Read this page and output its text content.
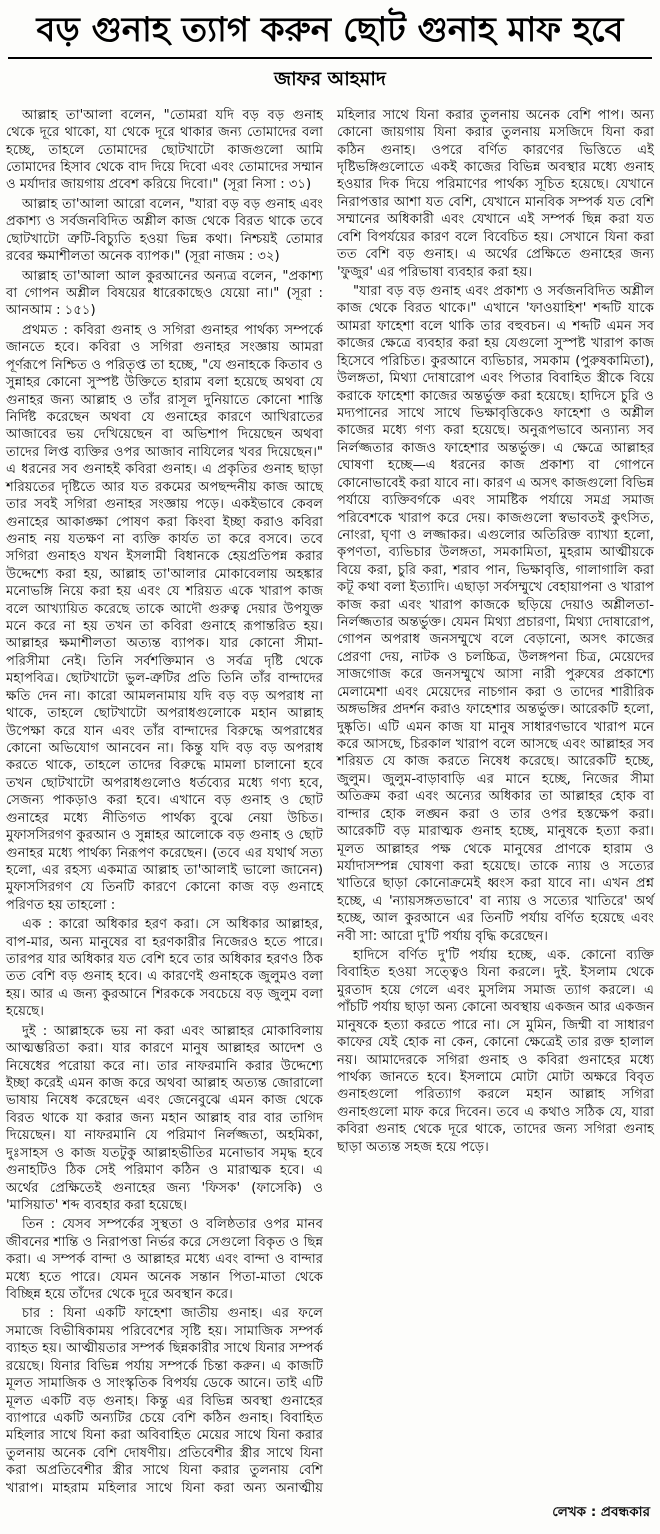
বড় গুনাহ ত্যাগ করুন ছোট গুনাহ মাফ হবে
জাফর আহমাদ

আল্লাহ তা'আলা বলেন, "তোমরা যদি বড় বড় গুনাহ থেকে দূরে থাকো, যা থেকে দূরে থাকার জন্য তোমাদের বলা হচ্ছে, তাহলে তোমাদের ছোটখাটো কাজগুলো আমি তোমাদের হিসাব থেকে বাদ দিয়ে দিবো এবং তোমাদের সম্মান ও মর্যাদার জায়গায় প্রবেশ করিয়ে দিবো।" (সূরা নিসা : ৩১)

আল্লাহ তা'আলা আরো বলেন, "যারা বড় বড় গুনাহ এবং প্রকাশ্য ও সর্বজনবিদিত অশ্লীল কাজ থেকে বিরত থাকে তবে ছোটখাটো ত্রুটি-বিচ্যুতি হওয়া ভিন্ন কথা। নিশ্চয়ই তোমার রবের ক্ষমাশীলতা অনেক ব্যাপক।" (সূরা নাজম : ৩২)

আল্লাহ তা'আলা আল কুরআনের অন্যত্র বলেন, "প্রকাশ্য বা গোপন অশ্লীল বিষয়ের ধারেকাছেও যেয়ো না।" (সূরা : আনআম : ১৫১)

প্রথমত : কবিরা গুনাহ ও সগিরা গুনাহর পার্থক্য সম্পর্কে জানতে হবে। কবিরা ও সগিরা গুনাহর সংজ্ঞায় আমরা পূর্ণরূপে নিশ্চিত ও পরিতৃপ্ত তা হচ্ছে, "যে গুনাহকে কিতাব ও সুন্নাহর কোনো সুস্পষ্ট উক্তিতে হারাম বলা হয়েছে অথবা যে গুনাহর জন্য আল্লাহ ও তাঁর রাসূল দুনিয়াতে কোনো শাস্তি নির্দিষ্ট করেছেন অথবা যে গুনাহের কারণে আখিরাতের আজাবের ভয় দেখিয়েছেন বা অভিশাপ দিয়েছেন অথবা তাদের লিপ্ত ব্যক্তির ওপর আজাব নাযিলের খবর দিয়েছেন।" এ ধরনের সব গুনাহই কবিরা গুনাহ। এ প্রকৃতির গুনাহ ছাড়া শরিয়তের দৃষ্টিতে আর যত রকমের অপছন্দনীয় কাজ আছে তার সবই সগিরা গুনাহর সংজ্ঞায় পড়ে। একইভাবে কেবল গুনাহের আকাঙ্ক্ষা পোষণ করা কিংবা ইচ্ছা করাও কবিরা গুনাহ নয় যতক্ষণ না ব্যক্তি কার্যত তা করে বসবে। তবে সগিরা গুনাহও যখন ইসলামী বিধানকে হেয়প্রতিপন্ন করার উদ্দেশ্যে করা হয়, আল্লাহ তা'আলার মোকাবেলায় অহঙ্কার মনোভঙ্গি নিয়ে করা হয় এবং যে শরিয়ত একে খারাপ কাজ বলে আখ্যায়িত করেছে তাকে আদৌ গুরুত্ব দেয়ার উপযুক্ত মনে করে না হয় তখন তা কবিরা গুনাহে রূপান্তরিত হয়। আল্লাহর ক্ষমাশীলতা অত্যন্ত ব্যাপক। যার কোনো সীমা-পরিসীমা নেই। তিনি সর্বশক্তিমান ও সর্বত্র দৃষ্টি থেকে মহাপবিত্র। ছোটখাটো ভুল-ত্রুটির প্রতি তিনি তাঁর বান্দাদের ক্ষতি দেন না। কারো আমলনামায় যদি বড় বড় অপরাধ না থাকে, তাহলে ছোটখাটো অপরাধগুলোকে মহান আল্লাহ উপেক্ষা করে যান এবং তাঁর বান্দাদের বিরুদ্ধে অপরাধের কোনো অভিযোগ আনবেন না। কিন্তু যদি বড় বড় অপরাধ করতে থাকে, তাহলে তাদের বিরুদ্ধে মামলা চালানো হবে তখন ছোটখাটো অপরাধগুলোও ধর্তব্যের মধ্যে গণ্য হবে, সেজন্য পাকড়াও করা হবে। এখানে বড় গুনাহ ও ছোট গুনাহের মধ্যে নীতিগত পার্থক্য বুঝে নেয়া উচিত। মুফাসসিরগণ কুরআন ও সুন্নাহর আলোকে বড় গুনাহ ও ছোট গুনাহর মধ্যে পার্থক্য নিরূপণ করেছেন। (তবে এর যথার্থ সত্য হলো, এর রহস্য একমাত্র আল্লাহ তা'আলাই ভালো জানেন) মুফাসসিরগণ যে তিনটি কারণে কোনো কাজ বড় গুনাহে পরিণত হয় তাহলো :

এক : কারো অধিকার হরণ করা। সে অধিকার আল্লাহর, বাপ-মার, অন্য মানুষের বা হরণকারীর নিজেরও হতে পারে। তারপর যার অধিকার যত বেশি হবে তার অধিকার হরণও ঠিক তত বেশি বড় গুনাহ হবে। এ কারণেই গুনাহকে জুলুমও বলা হয়। আর এ জন্য কুরআনে শিরককে সবচেয়ে বড় জুলুম বলা হয়েছে।

দুই : আল্লাহকে ভয় না করা এবং আল্লাহর মোকাবিলায় আত্মম্ভরিতা করা। যার কারণে মানুষ আল্লাহর আদেশ ও নিষেধের পরোয়া করে না। তার নাফরমানি করার উদ্দেশ্যে ইচ্ছা করেই এমন কাজ করে অথবা আল্লাহ অত্যন্ত জোরালো ভাষায় নিষেধ করেছেন এবং জেনেবুঝে এমন কাজ থেকে বিরত থাকে যা করার জন্য মহান আল্লাহ বার বার তাগিদ দিয়েছেন। যা নাফরমানি যে পরিমাণ নির্লজ্জতা, অহমিকা, দুঃসাহস ও কাজ যতটুকু আল্লাহভীতির মনোভাব সমৃদ্ধ হবে গুনাহটিও ঠিক সেই পরিমাণ কঠিন ও মারাত্মক হবে। এ অর্থের প্রেক্ষিতেই গুনাহের জন্য 'ফিসক' (ফাসেকি) ও 'মাসিয়াত' শব্দ ব্যবহার করা হয়েছে।

তিন : যেসব সম্পর্কের সুস্থতা ও বলিষ্ঠতার ওপর মানব জীবনের শান্তি ও নিরাপত্তা নির্ভর করে সেগুলো বিকৃত ও ছিন্ন করা। এ সম্পর্ক বান্দা ও আল্লাহর মধ্যে এবং বান্দা ও বান্দার মধ্যে হতে পারে। যেমন অনেক সন্তান পিতা-মাতা থেকে বিচ্ছিন্ন হয়ে তাঁদের থেকে দূরে অবস্থান করে।

চার : যিনা একটি ফাহেশা জাতীয় গুনাহ। এর ফলে সমাজে বিভীষিকাময় পরিবেশের সৃষ্টি হয়। সামাজিক সম্পর্ক ব্যাহত হয়। আত্মীয়তার সম্পর্ক ছিন্নকারীর সাথে যিনার সম্পর্ক রয়েছে। যিনার বিভিন্ন পর্যায় সম্পর্কে চিন্তা করুন। এ কাজটি মূলত সামাজিক ও সাংস্কৃতিক বিপর্যয় ডেকে আনে। তাই এটি মূলত একটি বড় গুনাহ। কিন্তু এর বিভিন্ন অবস্থা গুনাহের ব্যাপারে একটি অন্যটির চেয়ে বেশি কঠিন গুনাহ। বিবাহিত মহিলার সাথে যিনা করা অবিবাহিত মেয়ের সাথে যিনা করার তুলনায় অনেক বেশি দোষণীয়। প্রতিবেশীর স্ত্রীর সাথে যিনা করা অপ্রতিবেশীর স্ত্রীর সাথে যিনা করার তুলনায় বেশি খারাপ। মাহরাম মহিলার সাথে যিনা করা অন্য অনাত্মীয় মহিলার সাথে যিনা করার তুলনায় অনেক বেশি পাপ। অন্য কোনো জায়গায় যিনা করার তুলনায় মসজিদে যিনা করা কঠিন গুনাহ। ওপরে বর্ণিত কারণের ভিত্তিতে এই দৃষ্টিভঙ্গিগুলোতে একই কাজের বিভিন্ন অবস্থার মধ্যে গুনাহ হওয়ার দিক দিয়ে পরিমাণের পার্থক্য সূচিত হয়েছে। যেখানে নিরাপত্তার আশা যত বেশি, যেখানে মানবিক সম্পর্ক যত বেশি সম্মানের অধিকারী এবং যেখানে এই সম্পর্ক ছিন্ন করা যত বেশি বিপর্যয়ের কারণ বলে বিবেচিত হয়। সেখানে যিনা করা তত বেশি বড় গুনাহ। এ অর্থের প্রেক্ষিতে গুনাহের জন্য 'ফুজুর' এর পরিভাষা ব্যবহার করা হয়।

"যারা বড় বড় গুনাহ এবং প্রকাশ্য ও সর্বজনবিদিত অশ্লীল কাজ থেকে বিরত থাকে।" এখানে 'ফাওয়াহিশ' শব্দটি যাকে আমরা ফাহেশা বলে থাকি তার বহুবচন। এ শব্দটি এমন সব কাজের ক্ষেত্রে ব্যবহার করা হয় যেগুলো সুস্পষ্ট খারাপ কাজ হিসেবে পরিচিত। কুরআনে ব্যভিচার, সমকাম (পুরুষকামিতা), উলঙ্গতা, মিথ্যা দোষারোপ এবং পিতার বিবাহিত স্ত্রীকে বিয়ে করাকে ফাহেশা কাজের অন্তর্ভুক্ত করা হয়েছে। হাদিসে চুরি ও মদ্যপানের সাথে সাথে ভিক্ষাবৃত্তিকেও ফাহেশা ও অশ্লীল কাজের মধ্যে গণ্য করা হয়েছে। অনুরূপভাবে অন্যান্য সব নির্লজ্জতার কাজও ফাহেশার অন্তর্ভুক্ত। এ ক্ষেত্রে আল্লাহর ঘোষণা হচ্ছে—এ ধরনের কাজ প্রকাশ্য বা গোপনে কোনোভাবেই করা যাবে না। কারণ এ অসৎ কাজগুলো বিভিন্ন পর্যায়ে ব্যক্তিবর্গকে এবং সামষ্টিক পর্যায়ে সমগ্র সমাজ পরিবেশকে খারাপ করে দেয়। কাজগুলো স্বভাবতই কুৎসিত, নোংরা, ঘৃণা ও লজ্জাকর। এগুলোর অতিরিক্ত ব্যাখ্যা হলো, কৃপণতা, ব্যভিচার উলঙ্গতা, সমকামিতা, মুহরাম আত্মীয়কে বিয়ে করা, চুরি করা, শরাব পান, ভিক্ষাবৃত্তি, গালাগালি করা কটূ কথা বলা ইত্যাদি। এছাড়া সর্বসম্মুখে বেহায়াপনা ও খারাপ কাজ করা এবং খারাপ কাজকে ছড়িয়ে দেয়াও অশ্লীলতা-নির্লজ্জতার অন্তর্ভুক্ত। যেমন মিথ্যা প্রচারণা, মিথ্যা দোষারোপ, গোপন অপরাধ জনসম্মুখে বলে বেড়ানো, অসৎ কাজের প্রেরণা দেয়, নাটক ও চলচ্চিত্র, উলঙ্গপনা চিত্র, মেয়েদের সাজগোজ করে জনসম্মুখে আসা নারী পুরুষের প্রকাশ্যে মেলামেশা এবং মেয়েদের নাচগান করা ও তাদের শারীরিক অঙ্গভঙ্গির প্রদর্শন করাও ফাহেশার অন্তর্ভুক্ত। আরেকটি হলো, দুষ্কৃতি। এটি এমন কাজ যা মানুষ সাধারণভাবে খারাপ মনে করে আসছে, চিরকাল খারাপ বলে আসছে এবং আল্লাহর সব শরিয়ত যে কাজ করতে নিষেধ করেছে। আরেকটি হচ্ছে, জুলুম। জুলুম-বাড়াবাড়ি এর মানে হচ্ছে, নিজের সীমা অতিক্রম করা এবং অন্যের অধিকার তা আল্লাহর হোক বা বান্দার হোক লঙ্ঘন করা ও তার ওপর হস্তক্ষেপ করা। আরেকটি বড় মারাত্মক গুনাহ হচ্ছে, মানুষকে হত্যা করা। মূলত আল্লাহর পক্ষ থেকে মানুষের প্রাণকে হারাম ও মর্যাদাসম্পন্ন ঘোষণা করা হয়েছে। তাকে ন্যায় ও সত্যের খাতিরে ছাড়া কোনোক্রমেই ধ্বংস করা যাবে না। এখন প্রশ্ন হচ্ছে, এ 'ন্যায়সঙ্গতভাবে' বা ন্যায় ও সত্যের খাতিরে' অর্থ হচ্ছে, আল কুরআনে এর তিনটি পর্যায় বর্ণিত হয়েছে এবং নবী সা: আরো দু'টি পর্যায় বৃদ্ধি করেছেন।

হাদিসে বর্ণিত দু'টি পর্যায় হচ্ছে, এক. কোনো ব্যক্তি বিবাহিত হওয়া সত্ত্বেও যিনা করলে। দুই. ইসলাম থেকে মুরতাদ হয়ে গেলে এবং মুসলিম সমাজ ত্যাগ করলে। এ পাঁচটি পর্যায় ছাড়া অন্য কোনো অবস্থায় একজন আর একজন মানুষকে হত্যা করতে পারে না। সে মুমিন, জিম্মী বা সাধারণ কাফের যেই হোক না কেন, কোনো ক্ষেত্রেই তার রক্ত হালাল নয়। আমাদেরকে সগিরা গুনাহ ও কবিরা গুনাহের মধ্যে পার্থক্য জানতে হবে। ইসলামে মোটা মোটা অক্ষরে বিবৃত গুনাহগুলো পরিত্যাগ করলে মহান আল্লাহ সগিরা গুনাহগুলো মাফ করে দিবেন। তবে এ কথাও সঠিক যে, যারা কবিরা গুনাহ থেকে দূরে থাকে, তাদের জন্য সগিরা গুনাহ ছাড়া অত্যন্ত সহজ হয়ে পড়ে।

লেখক : প্রবন্ধকার
